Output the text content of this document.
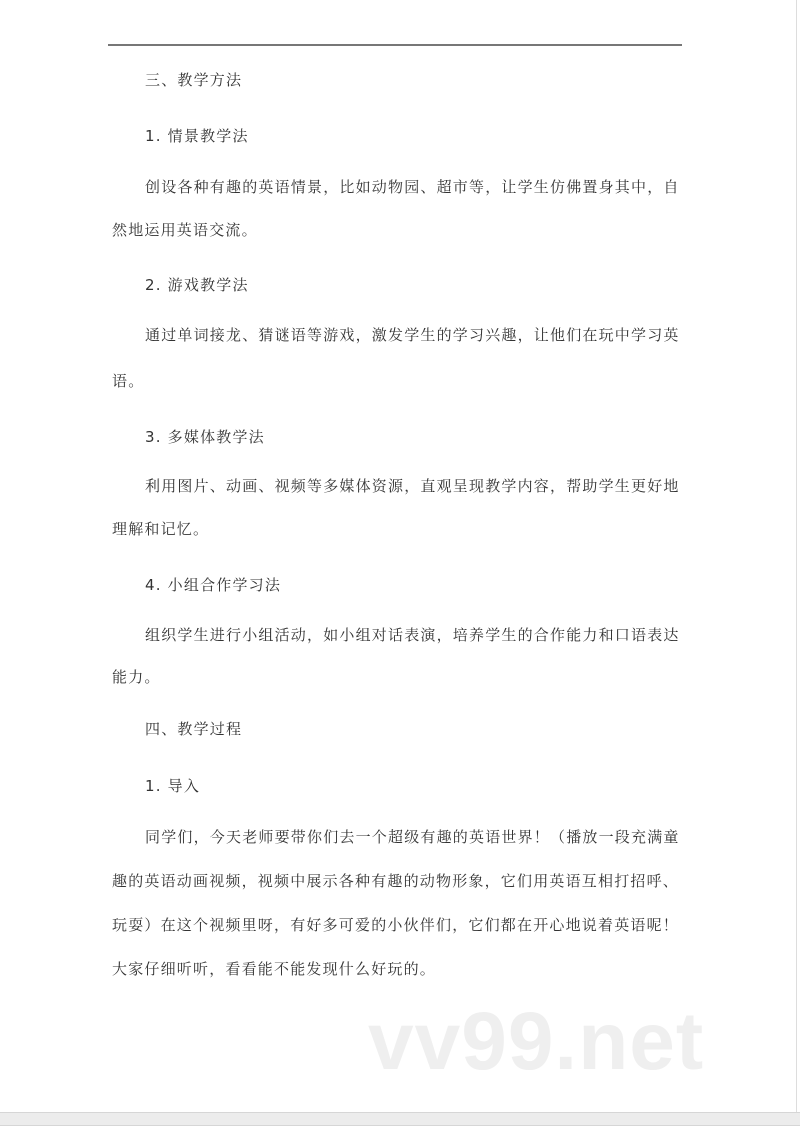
三、教学方法
1. 情景教学法
创设各种有趣的英语情景，比如动物园、超市等，让学生仿佛置身其中，自
然地运用英语交流。
2. 游戏教学法
通过单词接龙、猜谜语等游戏，激发学生的学习兴趣，让他们在玩中学习英
语。
3. 多媒体教学法
利用图片、动画、视频等多媒体资源，直观呈现教学内容，帮助学生更好地
理解和记忆。
4. 小组合作学习法
组织学生进行小组活动，如小组对话表演，培养学生的合作能力和口语表达
能力。
四、教学过程
1. 导入
同学们，今天老师要带你们去一个超级有趣的英语世界！（播放一段充满童
趣的英语动画视频，视频中展示各种有趣的动物形象，它们用英语互相打招呼、
玩耍）在这个视频里呀，有好多可爱的小伙伴们，它们都在开心地说着英语呢！
大家仔细听听，看看能不能发现什么好玩的。
vv99.net
